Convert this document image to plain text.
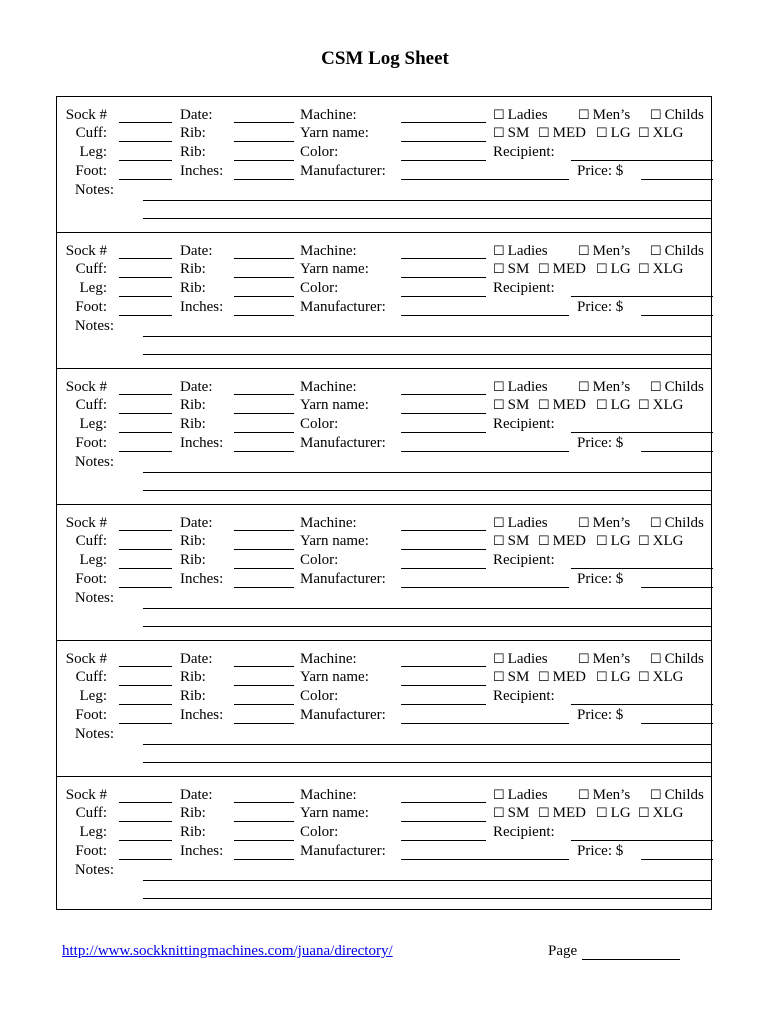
CSM Log Sheet
Sock #
Cuff:
Leg:
Foot:
Notes:
Date:
Rib:
Rib:
Inches:
Machine:
Yarn name:
Color:
Manufacturer:
☐ Ladies ☐ Men’s ☐ Childs
☐ SM ☐ MED ☐ LG ☐ XLG
Recipient:
Price: $
Sock #
Cuff:
Leg:
Foot:
Notes:
Date:
Rib:
Rib:
Inches:
Machine:
Yarn name:
Color:
Manufacturer:
☐ Ladies ☐ Men’s ☐ Childs
☐ SM ☐ MED ☐ LG ☐ XLG
Recipient:
Price: $
Sock #
Cuff:
Leg:
Foot:
Notes:
Date:
Rib:
Rib:
Inches:
Machine:
Yarn name:
Color:
Manufacturer:
☐ Ladies ☐ Men’s ☐ Childs
☐ SM ☐ MED ☐ LG ☐ XLG
Recipient:
Price: $
Sock #
Cuff:
Leg:
Foot:
Notes:
Date:
Rib:
Rib:
Inches:
Machine:
Yarn name:
Color:
Manufacturer:
☐ Ladies ☐ Men’s ☐ Childs
☐ SM ☐ MED ☐ LG ☐ XLG
Recipient:
Price: $
Sock #
Cuff:
Leg:
Foot:
Notes:
Date:
Rib:
Rib:
Inches:
Machine:
Yarn name:
Color:
Manufacturer:
☐ Ladies ☐ Men’s ☐ Childs
☐ SM ☐ MED ☐ LG ☐ XLG
Recipient:
Price: $
Sock #
Cuff:
Leg:
Foot:
Notes:
Date:
Rib:
Rib:
Inches:
Machine:
Yarn name:
Color:
Manufacturer:
☐ Ladies ☐ Men’s ☐ Childs
☐ SM ☐ MED ☐ LG ☐ XLG
Recipient:
Price: $
http://www.sockknittingmachines.com/juana/directory/	Page
